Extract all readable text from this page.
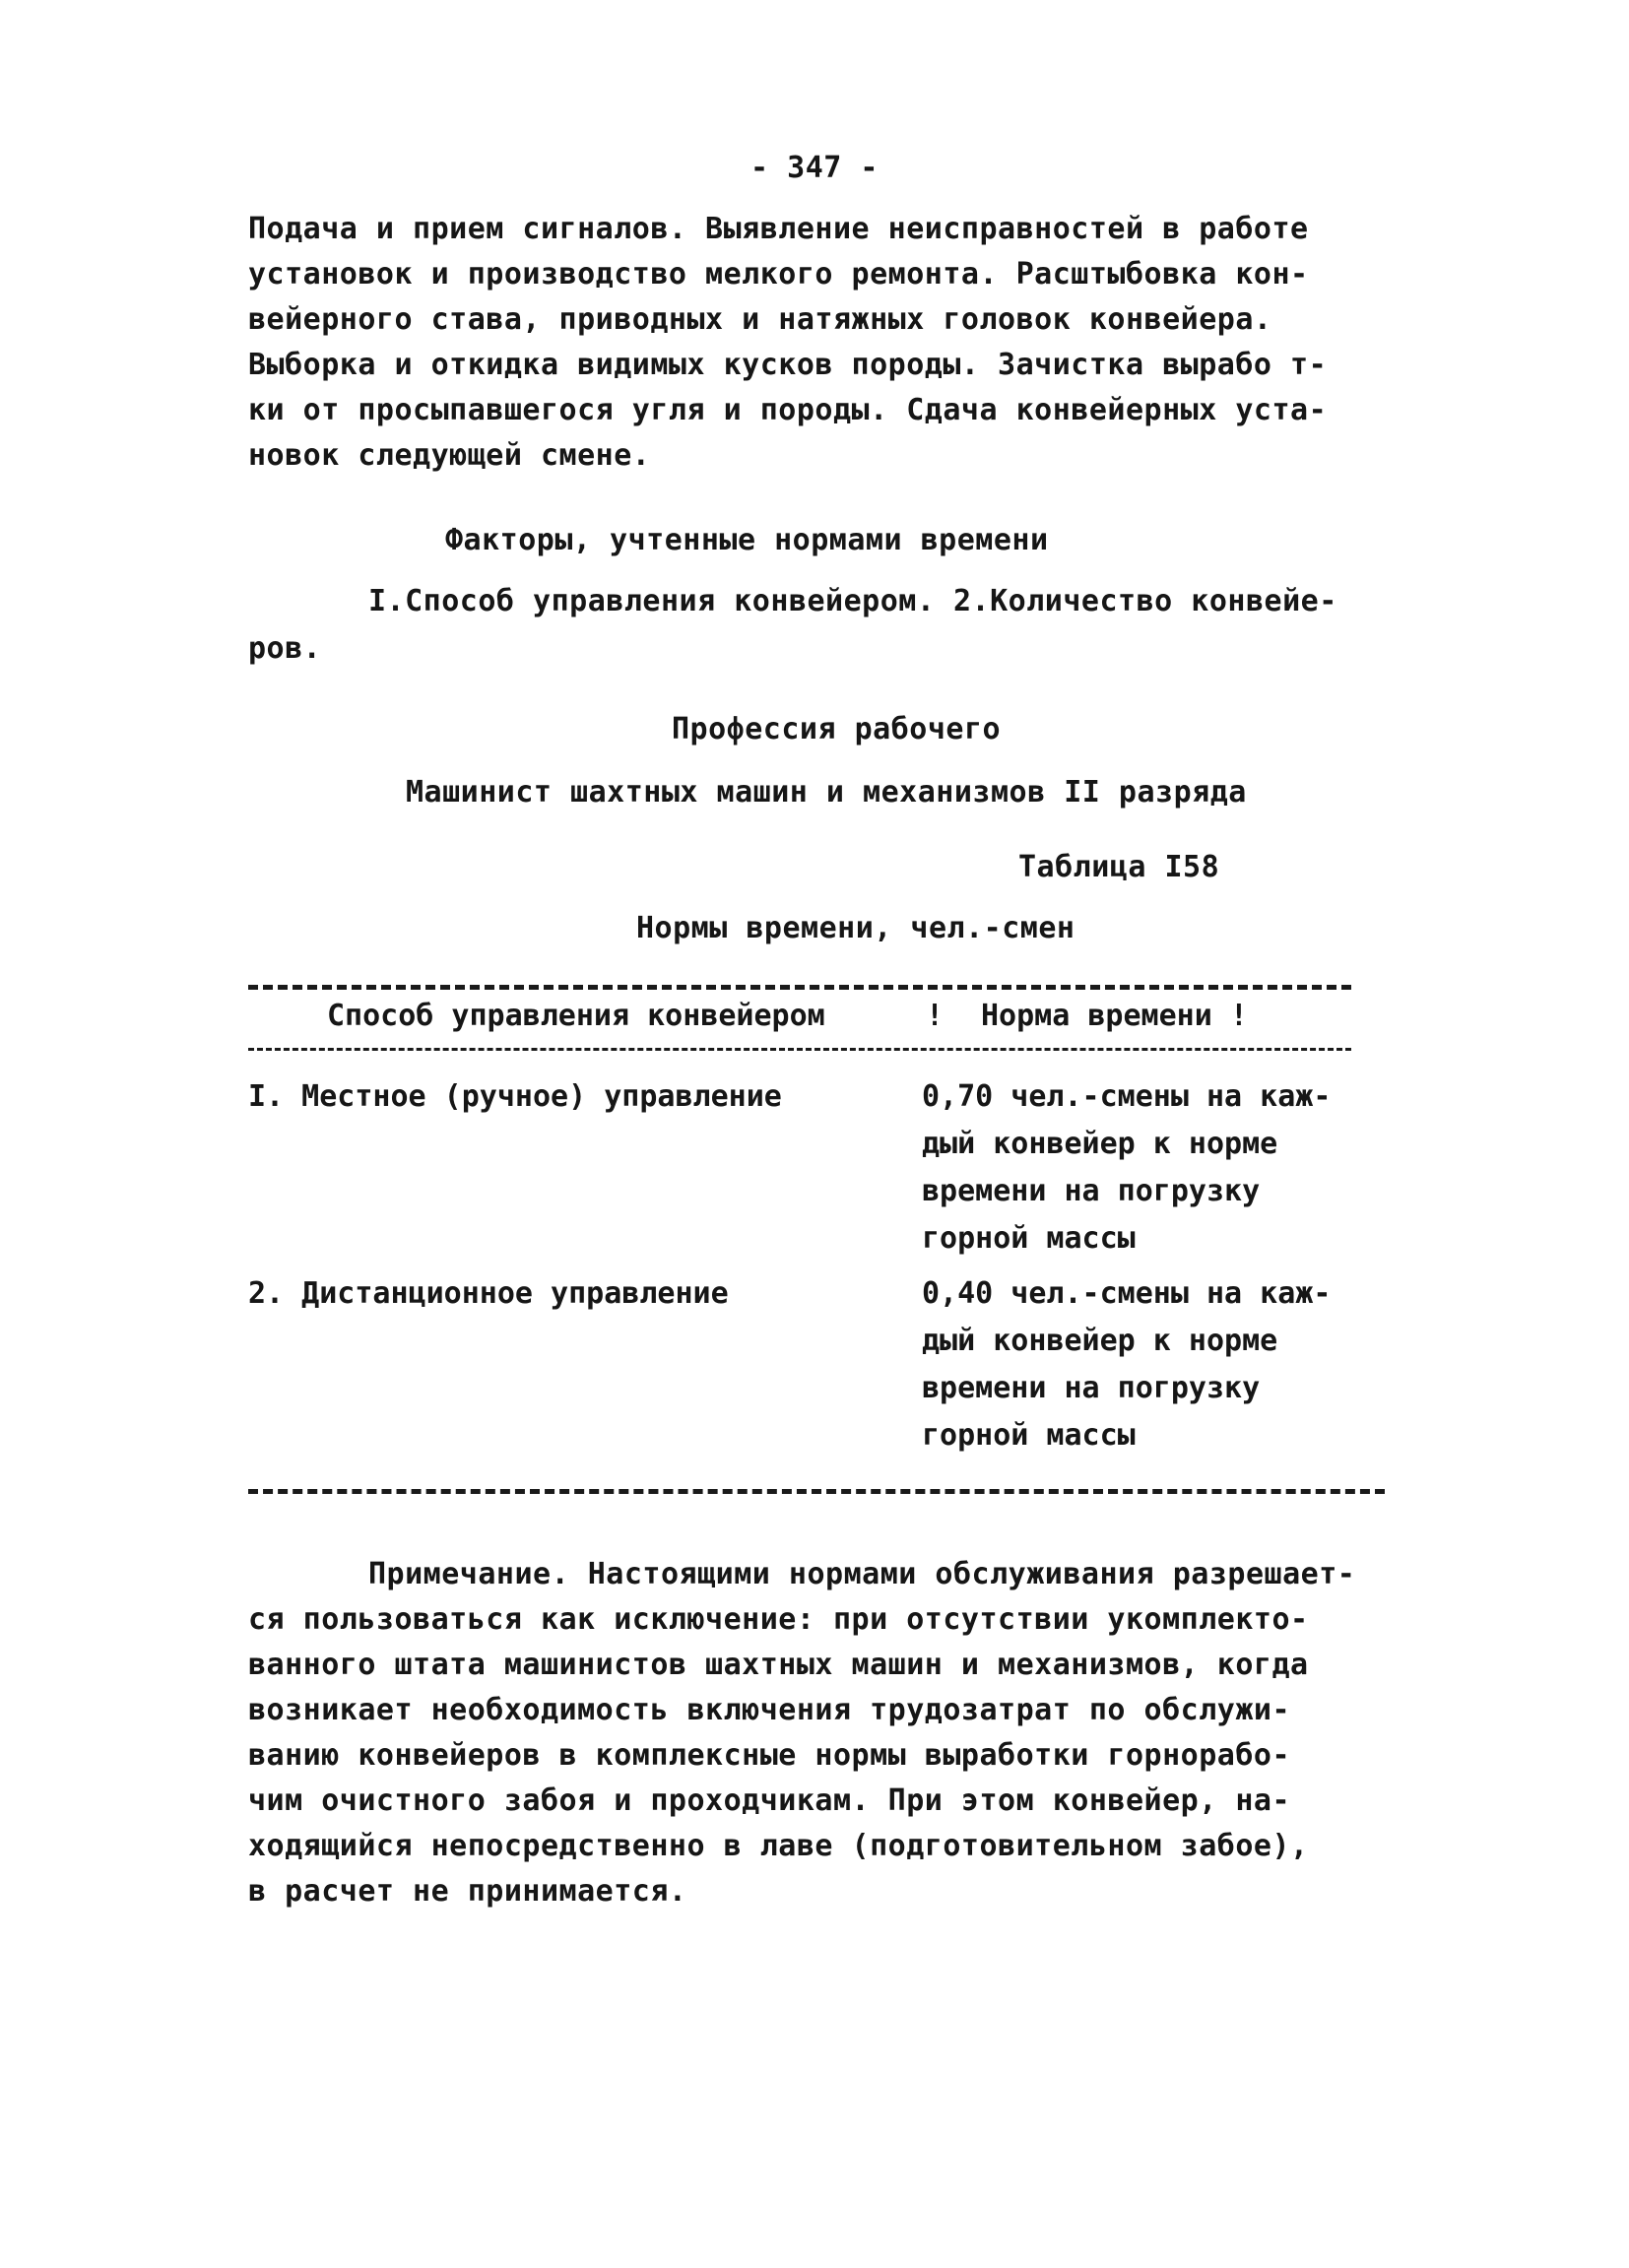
- 347 -
Подача и прием сигналов. Выявление неисправностей в работе
установок и производство мелкого ремонта. Расштыбовка кон-
вейерного става, приводных и натяжных головок конвейера.
Выборка и откидка видимых кусков породы. Зачистка вырабо т-
ки от просыпавшегося угля и породы. Сдача конвейерных уста-
новок следующей смене.
Факторы, учтенные нормами времени
I.Способ управления конвейером. 2.Количество конвейе-
ров.
Профессия рабочего
Машинист шахтных машин и механизмов II разряда
Таблица I58
Нормы времени, чел.-смен
Способ управления конвейером	! Норма времени !
I. Местное (ручное) управление	0,70 чел.-смены на каж-
дый конвейер к норме
времени на погрузку
горной массы
2. Дистанционное управление	0,40 чел.-смены на каж-
дый конвейер к норме
времени на погрузку
горной массы
Примечание. Настоящими нормами обслуживания разрешает-
ся пользоваться как исключение: при отсутствии укомплекто-
ванного штата машинистов шахтных машин и механизмов, когда
возникает необходимость включения трудозатрат по обслужи-
ванию конвейеров в комплексные нормы выработки горнорабо-
чим очистного забоя и проходчикам. При этом конвейер, на-
ходящийся непосредственно в лаве (подготовительном забое),
в расчет не принимается.
